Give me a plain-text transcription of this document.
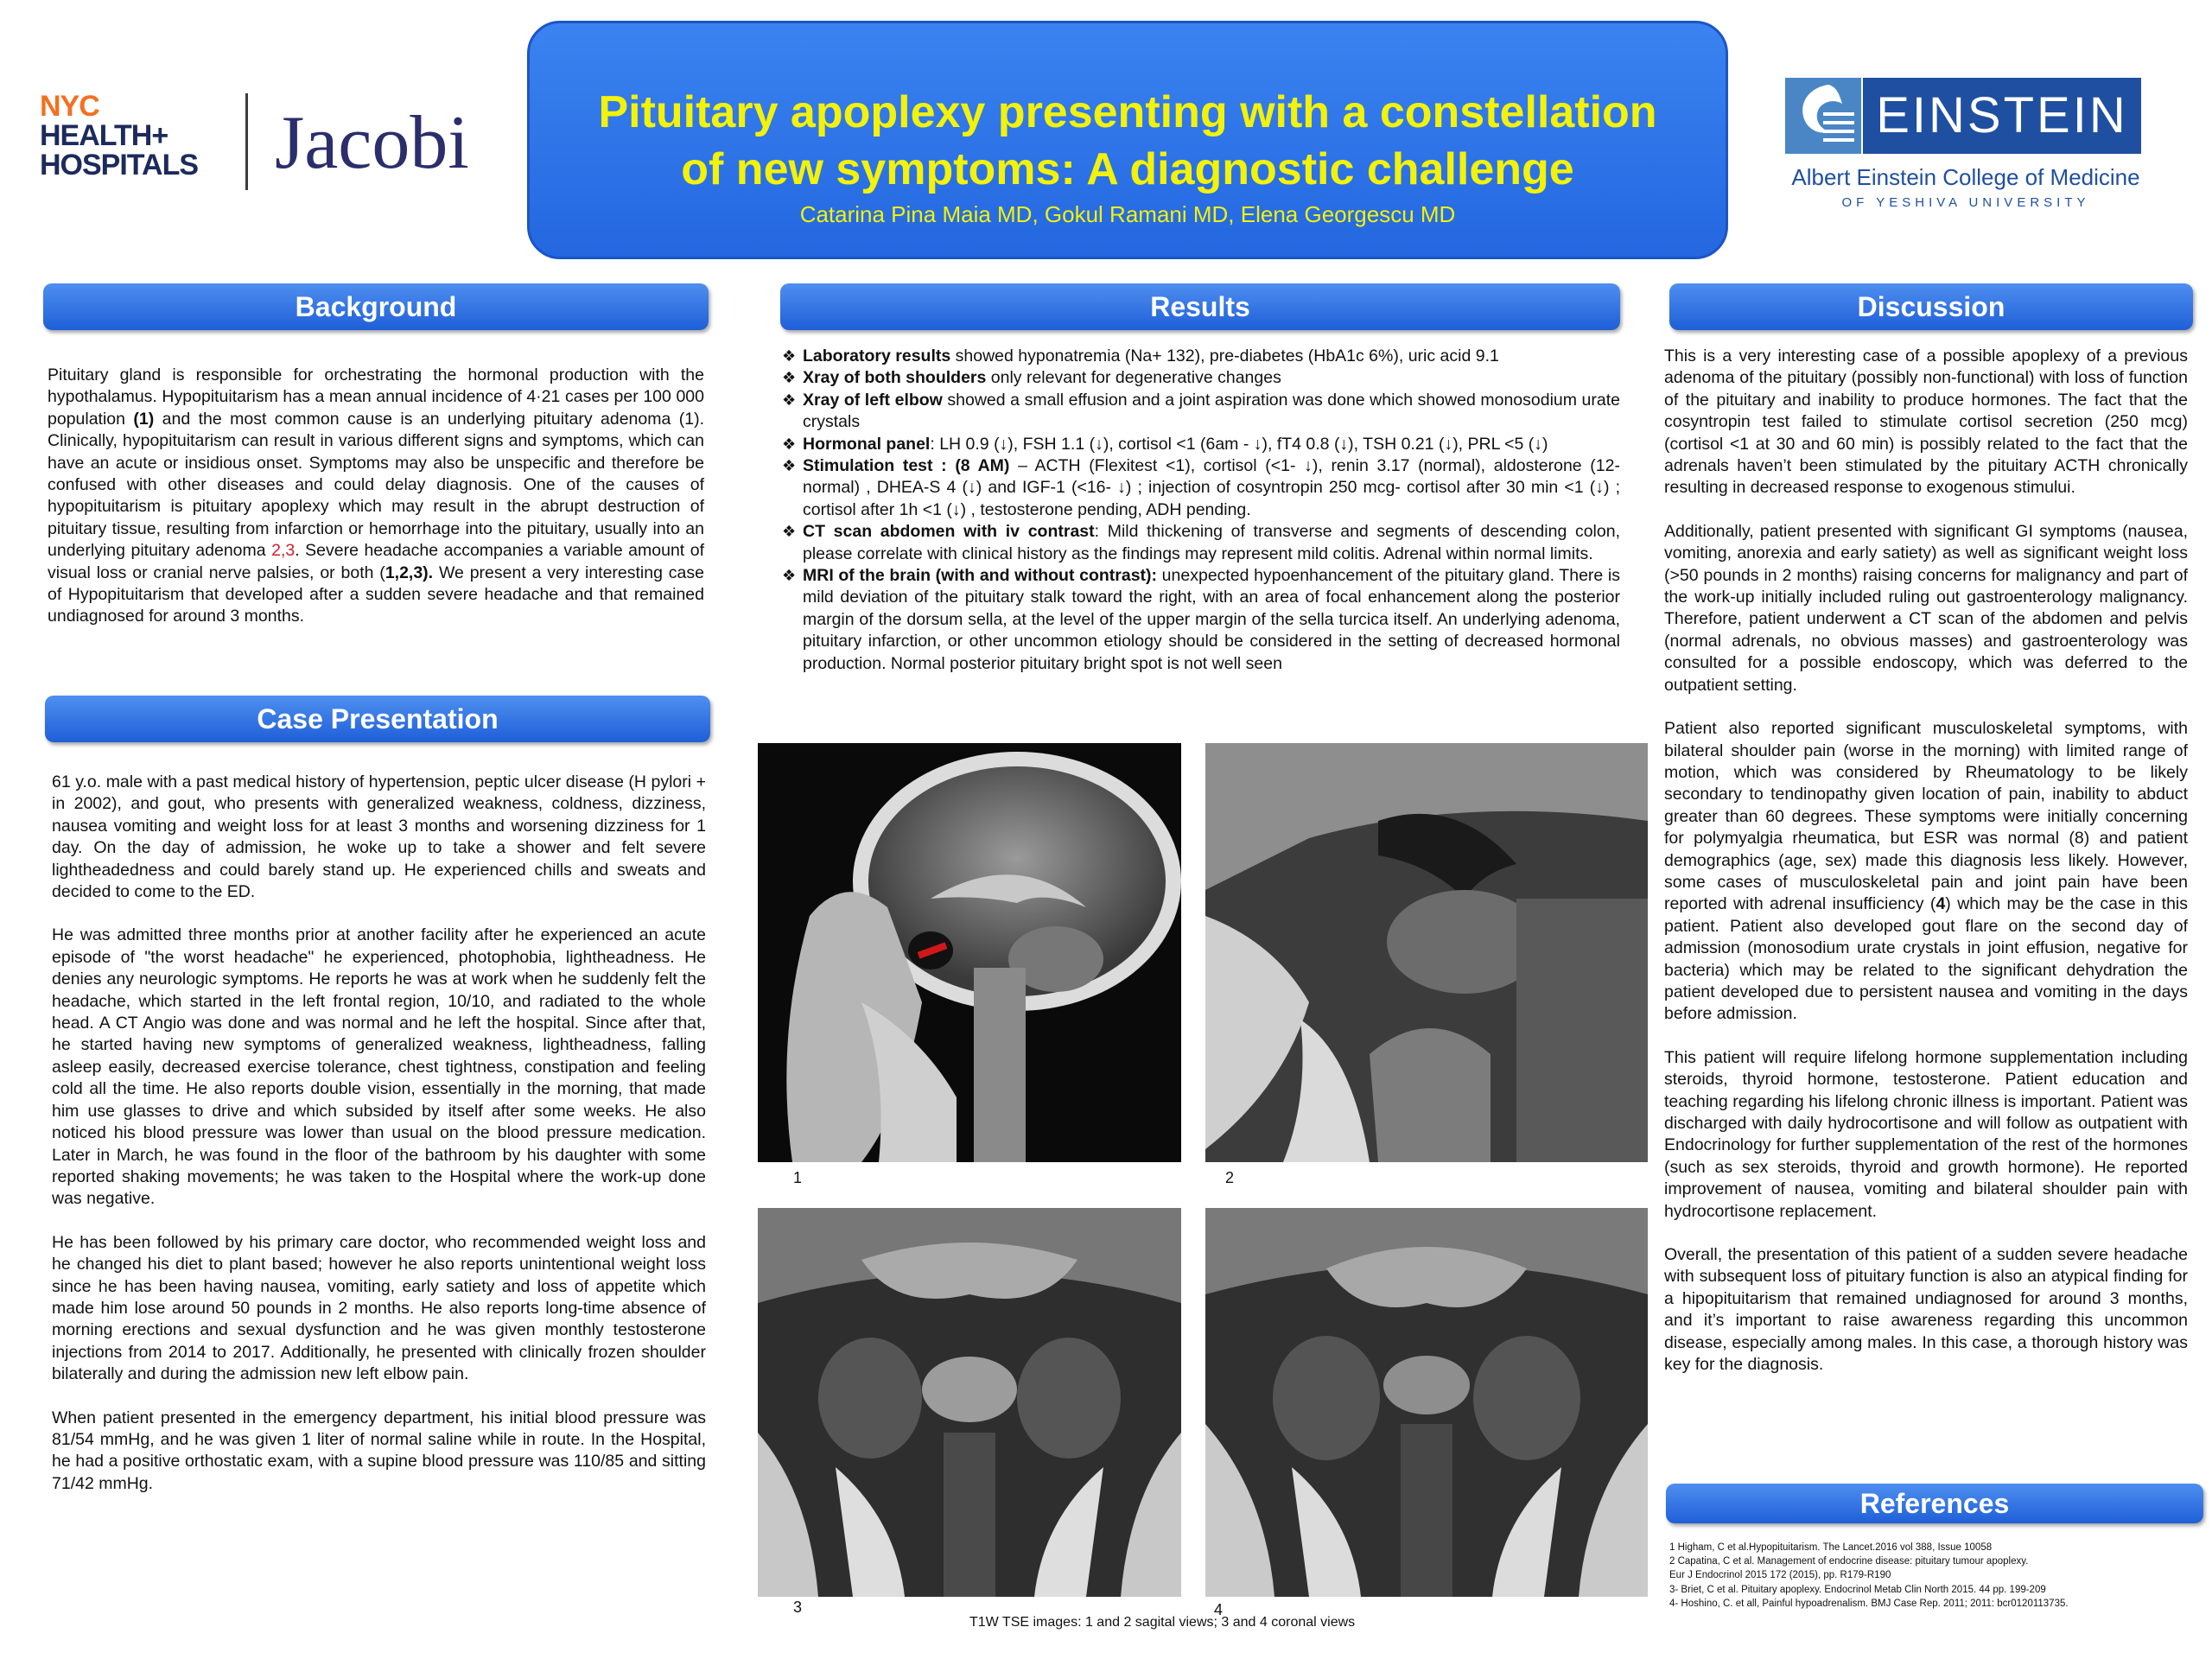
NYC
HEALTH+
HOSPITALS	Jacobi	Pituitary apoplexy presenting with a constellation
of new symptoms: A diagnostic challenge
Catarina Pina Maia MD, Gokul Ramani MD, Elena Georgescu MD
EINSTEIN
Albert Einstein College of Medicine
OF YESHIVA UNIVERSITY
Background

Pituitary gland is responsible for orchestrating the hormonal production with the hypothalamus. Hypopituitarism has a mean annual incidence of 4·21 cases per 100 000 population (1) and the most common cause is an underlying pituitary adenoma (1). Clinically, hypopituitarism can result in various different signs and symptoms, which can have an acute or insidious onset. Symptoms may also be unspecific and therefore be confused with other diseases and could delay diagnosis. One of the causes of hypopituitarism is pituitary apoplexy which may result in the abrupt destruction of pituitary tissue, resulting from infarction or hemorrhage into the pituitary, usually into an underlying pituitary adenoma 2,3. Severe headache accompanies a variable amount of visual loss or cranial nerve palsies, or both (1,2,3). We present a very interesting case of Hypopituitarism that developed after a sudden severe headache and that remained undiagnosed for around 3 months.

Case Presentation

61 y.o. male with a past medical history of hypertension, peptic ulcer disease (H pylori + in 2002), and gout, who presents with generalized weakness, coldness, dizziness, nausea vomiting and weight loss for at least 3 months and worsening dizziness for 1 day. On the day of admission, he woke up to take a shower and felt severe lightheadedness and could barely stand up. He experienced chills and sweats and decided to come to the ED.

He was admitted three months prior at another facility after he experienced an acute episode of "the worst headache" he experienced, photophobia, lightheadness. He denies any neurologic symptoms. He reports he was at work when he suddenly felt the headache, which started in the left frontal region, 10/10, and radiated to the whole head. A CT Angio was done and was normal and he left the hospital. Since after that, he started having new symptoms of generalized weakness, lightheadness, falling asleep easily, decreased exercise tolerance, chest tightness, constipation and feeling cold all the time. He also reports double vision, essentially in the morning, that made him use glasses to drive and which subsided by itself after some weeks. He also noticed his blood pressure was lower than usual on the blood pressure medication. Later in March, he was found in the floor of the bathroom by his daughter with some reported shaking movements; he was taken to the Hospital where the work-up done was negative.

He has been followed by his primary care doctor, who recommended weight loss and he changed his diet to plant based; however he also reports unintentional weight loss since he has been having nausea, vomiting, early satiety and loss of appetite which made him lose around 50 pounds in 2 months. He also reports long-time absence of morning erections and sexual dysfunction and he was given monthly testosterone injections from 2014 to 2017. Additionally, he presented with clinically frozen shoulder bilaterally and during the admission new left elbow pain.

When patient presented in the emergency department, his initial blood pressure was 81/54 mmHg, and he was given 1 liter of normal saline while in route. In the Hospital, he had a positive orthostatic exam, with a supine blood pressure was 110/85 and sitting 71/42 mmHg.

Results
❖ Laboratory results showed hyponatremia (Na+ 132), pre-diabetes (HbA1c 6%), uric acid 9.1
❖ Xray of both shoulders only relevant for degenerative changes
❖ Xray of left elbow showed a small effusion and a joint aspiration was done which showed monosodium urate crystals
❖ Hormonal panel: LH 0.9 (↓), FSH 1.1 (↓), cortisol <1 (6am - ↓), fT4 0.8 (↓), TSH 0.21 (↓), PRL <5 (↓)
❖ Stimulation test : (8 AM) – ACTH (Flexitest <1), cortisol (<1- ↓), renin 3.17 (normal), aldosterone (12- normal) , DHEA-S 4 (↓) and IGF-1 (<16- ↓) ; injection of cosyntropin 250 mcg- cortisol after 30 min <1 (↓) ; cortisol after 1h <1 (↓) , testosterone pending, ADH pending.
❖ CT scan abdomen with iv contrast: Mild thickening of transverse and segments of descending colon, please correlate with clinical history as the findings may represent mild colitis. Adrenal within normal limits.
❖ MRI of the brain (with and without contrast): unexpected hypoenhancement of the pituitary gland. There is mild deviation of the pituitary stalk toward the right, with an area of focal enhancement along the posterior margin of the dorsum sella, at the level of the upper margin of the sella turcica itself. An underlying adenoma, pituitary infarction, or other uncommon etiology should be considered in the setting of decreased hormonal production. Normal posterior pituitary bright spot is not well seen
1	2
3	4
T1W TSE images: 1 and 2 sagital views; 3 and 4 coronal views
Discussion

This is a very interesting case of a possible apoplexy of a previous adenoma of the pituitary (possibly non-functional) with loss of function of the pituitary and inability to produce hormones. The fact that the cosyntropin test failed to stimulate cortisol secretion (250 mcg) (cortisol <1 at 30 and 60 min) is possibly related to the fact that the adrenals haven’t been stimulated by the pituitary ACTH chronically resulting in decreased response to exogenous stimului.

Additionally, patient presented with significant GI symptoms (nausea, vomiting, anorexia and early satiety) as well as significant weight loss (>50 pounds in 2 months) raising concerns for malignancy and part of the work-up initially included ruling out gastroenterology malignancy. Therefore, patient underwent a CT scan of the abdomen and pelvis (normal adrenals, no obvious masses) and gastroenterology was consulted for a possible endoscopy, which was deferred to the outpatient setting.

Patient also reported significant musculoskeletal symptoms, with bilateral shoulder pain (worse in the morning) with limited range of motion, which was considered by Rheumatology to be likely secondary to tendinopathy given location of pain, inability to abduct greater than 60 degrees. These symptoms were initially concerning for polymyalgia rheumatica, but ESR was normal (8) and patient demographics (age, sex) made this diagnosis less likely. However, some cases of musculoskeletal pain and joint pain have been reported with adrenal insufficiency (4) which may be the case in this patient. Patient also developed gout flare on the second day of admission (monosodium urate crystals in joint effusion, negative for bacteria) which may be related to the significant dehydration the patient developed due to persistent nausea and vomiting in the days before admission.

This patient will require lifelong hormone supplementation including steroids, thyroid hormone, testosterone. Patient education and teaching regarding his lifelong chronic illness is important. Patient was discharged with daily hydrocortisone and will follow as outpatient with Endocrinology for further supplementation of the rest of the hormones (such as sex steroids, thyroid and growth hormone). He reported improvement of nausea, vomiting and bilateral shoulder pain with hydrocortisone replacement.

Overall, the presentation of this patient of a sudden severe headache with subsequent loss of pituitary function is also an atypical finding for a hipopituitarism that remained undiagnosed for around 3 months, and it’s important to raise awareness regarding this uncommon disease, especially among males. In this case, a thorough history was key for the diagnosis.

References
1 Higham, C et al.Hypopituitarism. The Lancet.2016 vol 388, Issue 10058
2 Capatina, C et al. Management of endocrine disease: pituitary tumour apoplexy.
Eur J Endocrinol 2015 172 (2015), pp. R179-R190
3- Briet, C et al. Pituitary apoplexy. Endocrinol Metab Clin North 2015. 44 pp. 199-209
4- Hoshino, C. et all, Painful hypoadrenalism. BMJ Case Rep. 2011; 2011: bcr0120113735.
